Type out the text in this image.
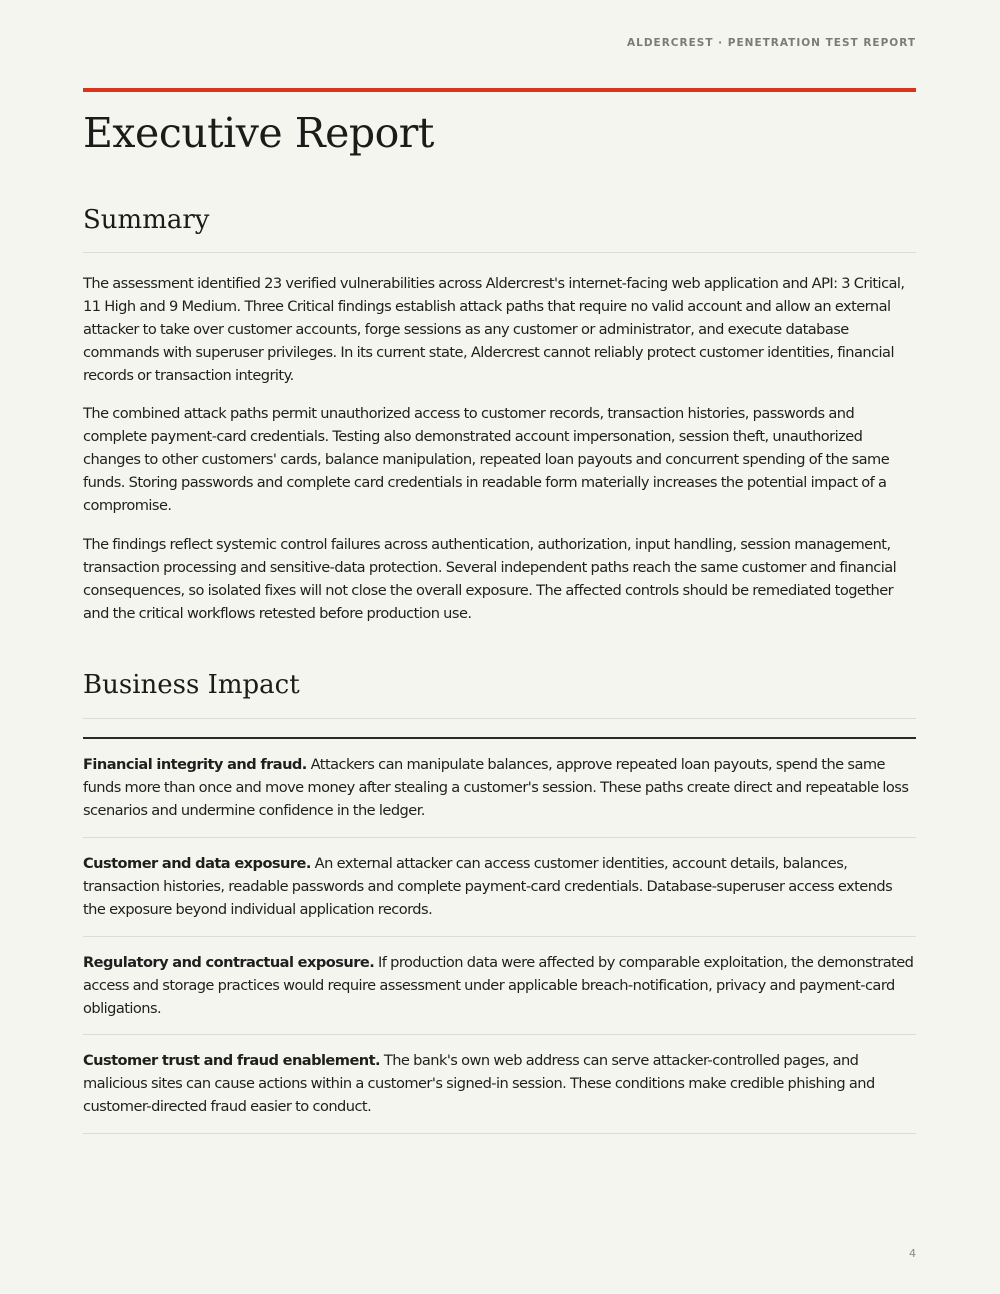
ALDERCREST · PENETRATION TEST REPORT
Executive Report
Summary

The assessment identified 23 verified vulnerabilities across Aldercrest's internet-facing web application and API: 3 Critical, 11 High and 9 Medium. Three Critical findings establish attack paths that require no valid account and allow an external attacker to take over customer accounts, forge sessions as any customer or administrator, and execute database commands with superuser privileges. In its current state, Aldercrest cannot reliably protect customer identities, financial records or transaction integrity.

The combined attack paths permit unauthorized access to customer records, transaction histories, passwords and complete payment-card credentials. Testing also demonstrated account impersonation, session theft, unauthorized changes to other customers' cards, balance manipulation, repeated loan payouts and concurrent spending of the same funds. Storing passwords and complete card credentials in readable form materially increases the potential impact of a compromise.

The findings reflect systemic control failures across authentication, authorization, input handling, session management, transaction processing and sensitive-data protection. Several independent paths reach the same customer and financial consequences, so isolated fixes will not close the overall exposure. The affected controls should be remediated together and the critical workflows retested before production use.

Business Impact

Financial integrity and fraud. Attackers can manipulate balances, approve repeated loan payouts, spend the same funds more than once and move money after stealing a customer's session. These paths create direct and repeatable loss scenarios and undermine confidence in the ledger.

Customer and data exposure. An external attacker can access customer identities, account details, balances, transaction histories, readable passwords and complete payment-card credentials. Database-superuser access extends the exposure beyond individual application records.

Regulatory and contractual exposure. If production data were affected by comparable exploitation, the demonstrated access and storage practices would require assessment under applicable breach-notification, privacy and payment-card obligations.

Customer trust and fraud enablement. The bank's own web address can serve attacker-controlled pages, and malicious sites can cause actions within a customer's signed-in session. These conditions make credible phishing and customer-directed fraud easier to conduct.

4
